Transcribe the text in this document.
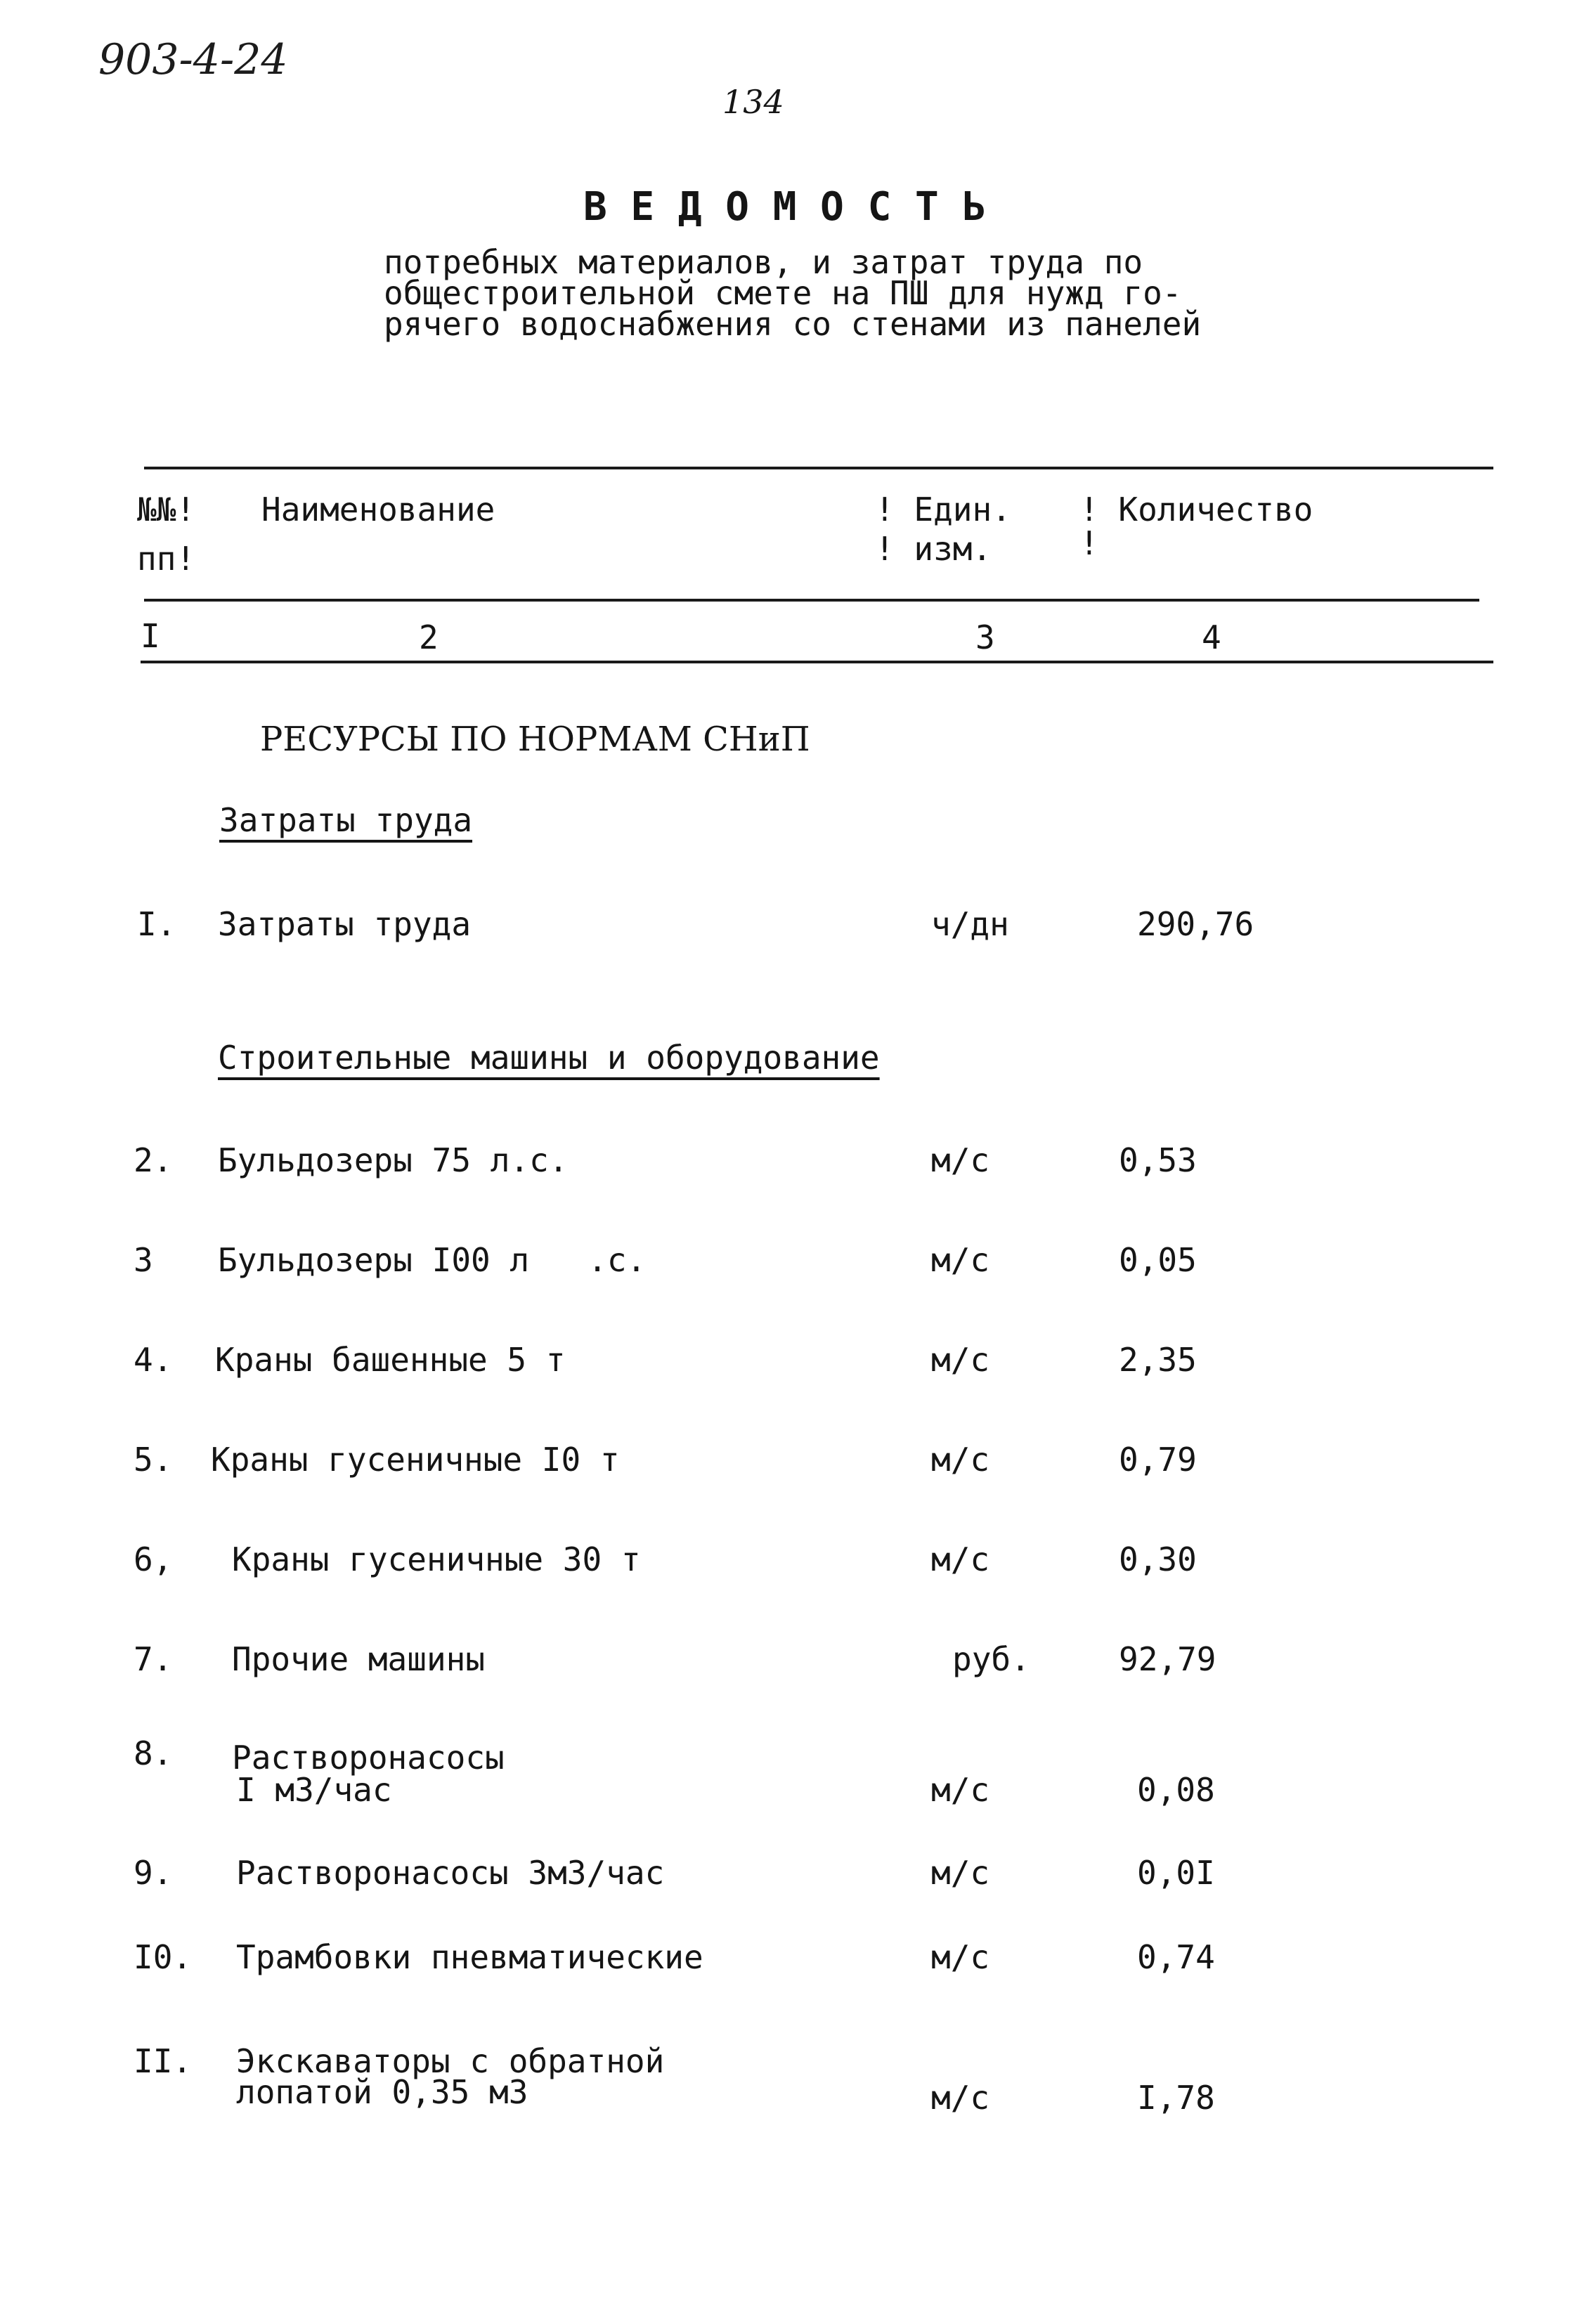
903-4-24
134
В Е Д О М О С Т Ь
потребных материалов, и затрат труда по
общестроительной смете на ПШ для нужд го-
рячего водоснабжения со стенами из панелей
№№!
пп!
Наименование	! Един.
! изм.
! Количество
!
I	2	3	4
РЕСУРСЫ ПО НОРМАМ СНиП
Затраты труда
I. Затраты труда	ч/дн	290,76
Строительные машины и оборудование
2. Бульдозеры 75 л.с.	м/с	0,53
3 Бульдозеры I00 л   .с.	м/с	0,05
4. Краны башенные 5 т	м/с	2,35
5. Краны гусеничные I0 т	м/с	0,79
6, Краны гусеничные 30 т	м/с	0,30
7. Прочие машины	руб.	92,79
8. Растворонасосы
I м3/час	м/с	0,08
9. Растворонасосы 3м3/час	м/с	0,0I
I0. Трамбовки пневматические	м/с	0,74
II. Экскаваторы с обратной
лопатой 0,35 м3	м/с	I,78
